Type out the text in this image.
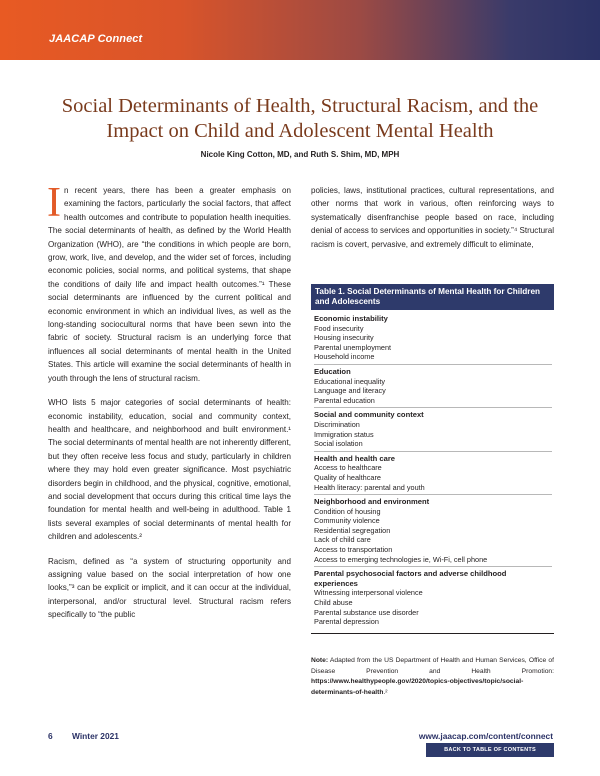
JAACAP Connect
Social Determinants of Health, Structural Racism, and the Impact on Child and Adolescent Mental Health
Nicole King Cotton, MD, and Ruth S. Shim, MD, MPH

I n recent years, there has been a greater emphasis on examining the factors, particularly the social factors, that affect health outcomes and contribute to population health inequities. The social determinants of health, as defined by the World Health Organization (WHO), are “the conditions in which people are born, grow, work, live, and develop, and the wider set of forces, including economic policies, social norms, and political systems, that shape the conditions of daily life and impact health outcomes.”¹ These social determinants are influenced by the current political and economic environment in which an individual lives, as well as the long-standing sociocultural norms that have been sewn into the fabric of society. Structural racism is an underlying force that influences all social determinants of mental health in the United States. This article will examine the social determinants of health in youth through the lens of structural racism.

WHO lists 5 major categories of social determinants of health: economic instability, education, social and community context, health and healthcare, and neighborhood and built environment.¹ The social determinants of mental health are not inherently different, but they often receive less focus and study, particularly in children where they may hold even greater significance. Most psychiatric disorders begin in childhood, and the physical, cognitive, emotional, and social development that occurs during this critical time lays the foundation for mental health and well-being in adulthood. Table 1 lists several examples of social determinants of mental health for children and adolescents.²

Racism, defined as “a system of structuring opportunity and assigning value based on the social interpretation of how one looks,”³ can be explicit or implicit, and it can occur at the individual, interpersonal, and/or structural level. Structural racism refers specifically to “the public

policies, laws, institutional practices, cultural representations, and other norms that work in various, often reinforcing ways to systematically disenfranchise people based on race, including denial of access to services and opportunities in society.”⁴ Structural racism is covert, pervasive, and extremely difficult to eliminate,

Table 1. Social Determinants of Mental Health for Children and Adolescents
Economic instability
Food insecurity
Housing insecurity
Parental unemployment
Household income
Education
Educational inequality
Language and literacy
Parental education
Social and community context
Discrimination
Immigration status
Social isolation
Health and health care
Access to healthcare
Quality of healthcare
Health literacy: parental and youth
Neighborhood and environment
Condition of housing
Community violence
Residential segregation
Lack of child care
Access to transportation
Access to emerging technologies ie, Wi-Fi, cell phone
Parental psychosocial factors and adverse childhood experiences
Witnessing interpersonal violence
Child abuse
Parental substance use disorder
Parental depression
Note: Adapted from the US Department of Health and Human Services, Office of Disease Prevention and Health Promotion: https://www.healthypeople.gov/2020/topics-objectives/topic/social-determinants-of-health.²
6 Winter 2021	www.jaacap.com/content/connect
BACK TO TABLE OF CONTENTS
